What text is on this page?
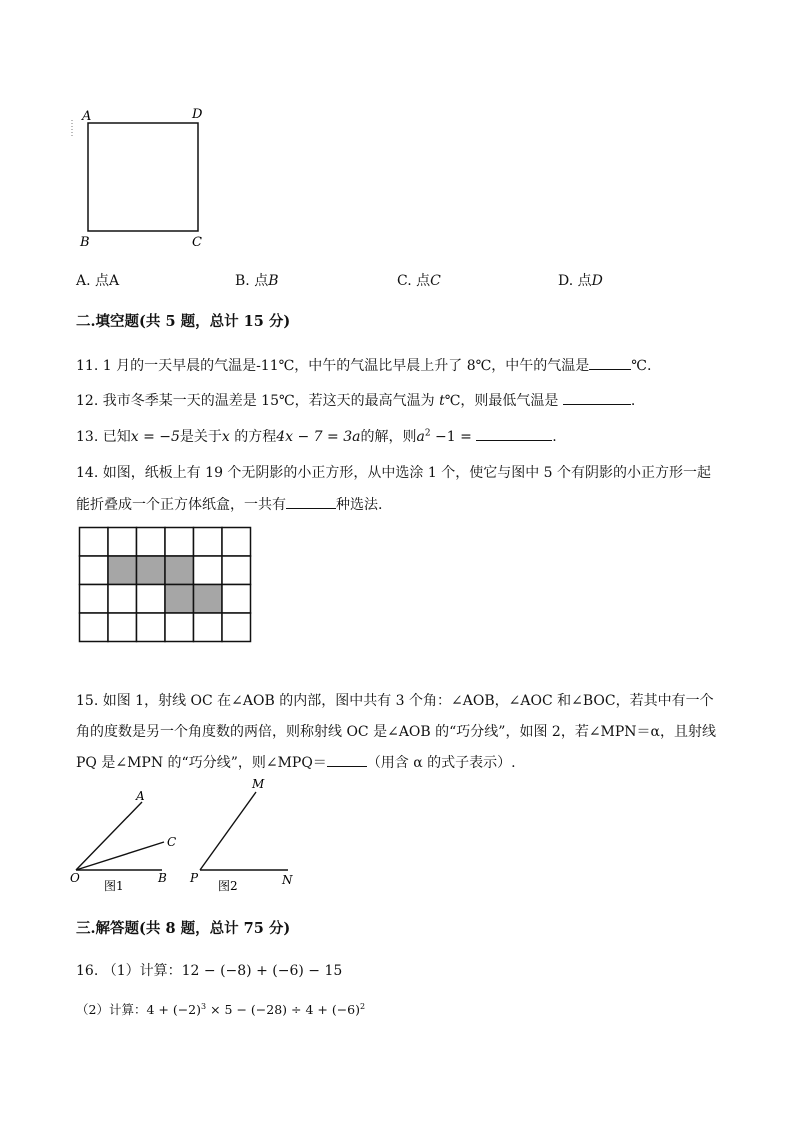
A	D
B	C
A. 点A	B. 点B	C. 点C	D. 点D
二.填空题(共 5 题，总计 15 分)
11. 1 月的一天早晨的气温是-11℃，中午的气温比早晨上升了 8℃，中午的气温是	℃.
12. 我市冬季某一天的温差是 15℃，若这天的最高气温为 t℃，则最低气温是	.
13. 已知x = −5是关于x 的方程4x − 7 = 3a的解，则$a^2 -1$ =	.
14. 如图，纸板上有 19 个无阴影的小正方形，从中选涂 1 个，使它与图中 5 个有阴影的小正方形一起
能折叠成一个正方体纸盒，一共有	种选法.
15. 如图 1，射线 OC 在∠AOB 的内部，图中共有 3 个角：∠AOB，∠AOC 和∠BOC，若其中有一个
角的度数是另一个角度数的两倍，则称射线 OC 是∠AOB 的“巧分线”，如图 2，若∠MPN＝α，且射线
PQ 是∠MPN 的“巧分线”，则∠MPQ＝	（用含 α 的式子表示）.
A
C
O	B
图1
M
P	N
图2
三.解答题(共 8 题，总计 75 分)
16. （1）计算：12 − (−8) + (−6) − 15
（2）计算：$4 + (-2)^3 \times 5 - (-28) \div 4 + (-6)^2$
